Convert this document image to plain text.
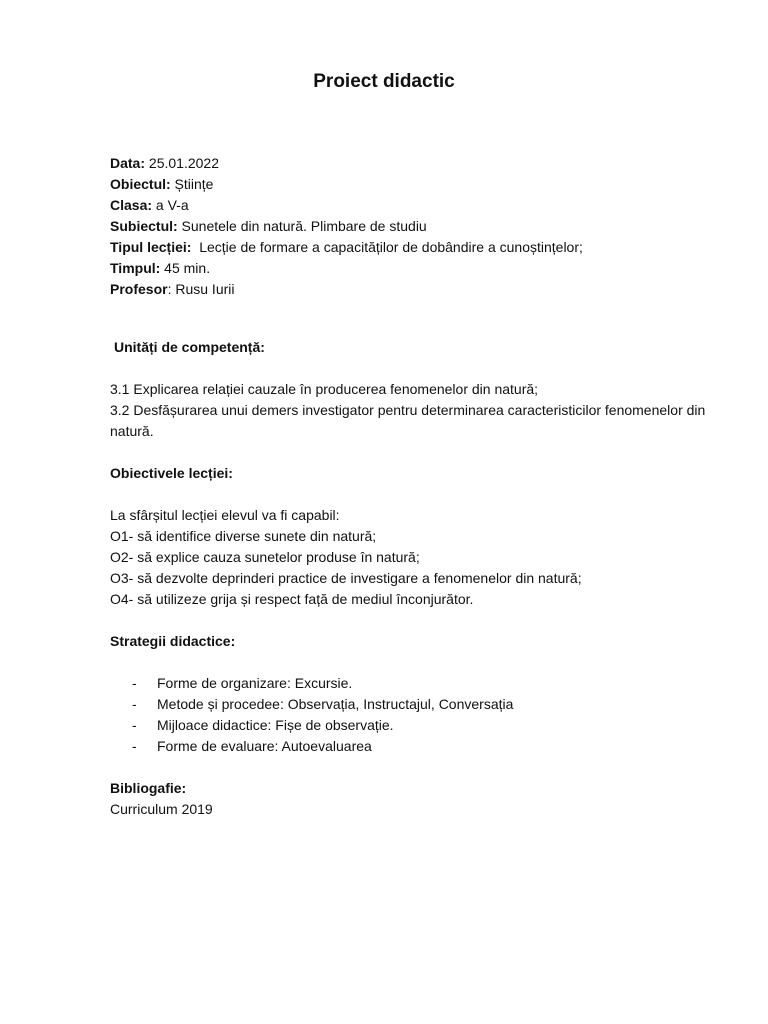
Proiect didactic
Data: 25.01.2022
Obiectul: Științe
Clasa: a V-a
Subiectul: Sunetele din natură. Plimbare de studiu
Tipul lecției:  Lecție de formare a capacităților de dobândire a cunoștințelor;
Timpul: 45 min.
Profesor: Rusu Iurii
Unități de competență:
3.1 Explicarea relației cauzale în producerea fenomenelor din natură;
3.2 Desfășurarea unui demers investigator pentru determinarea caracteristicilor fenomenelor din natură.
Obiectivele lecției:
La sfârșitul lecției elevul va fi capabil:
O1- să identifice diverse sunete din natură;
O2- să explice cauza sunetelor produse în natură;
O3- să dezvolte deprinderi practice de investigare a fenomenelor din natură;
O4- să utilizeze grija și respect față de mediul înconjurător.
Strategii didactice:
- Forme de organizare: Excursie.
- Metode și procedee: Observația, Instructajul, Conversația
- Mijloace didactice: Fișe de observație.
- Forme de evaluare: Autoevaluarea
Bibliogafie:
Curriculum 2019
